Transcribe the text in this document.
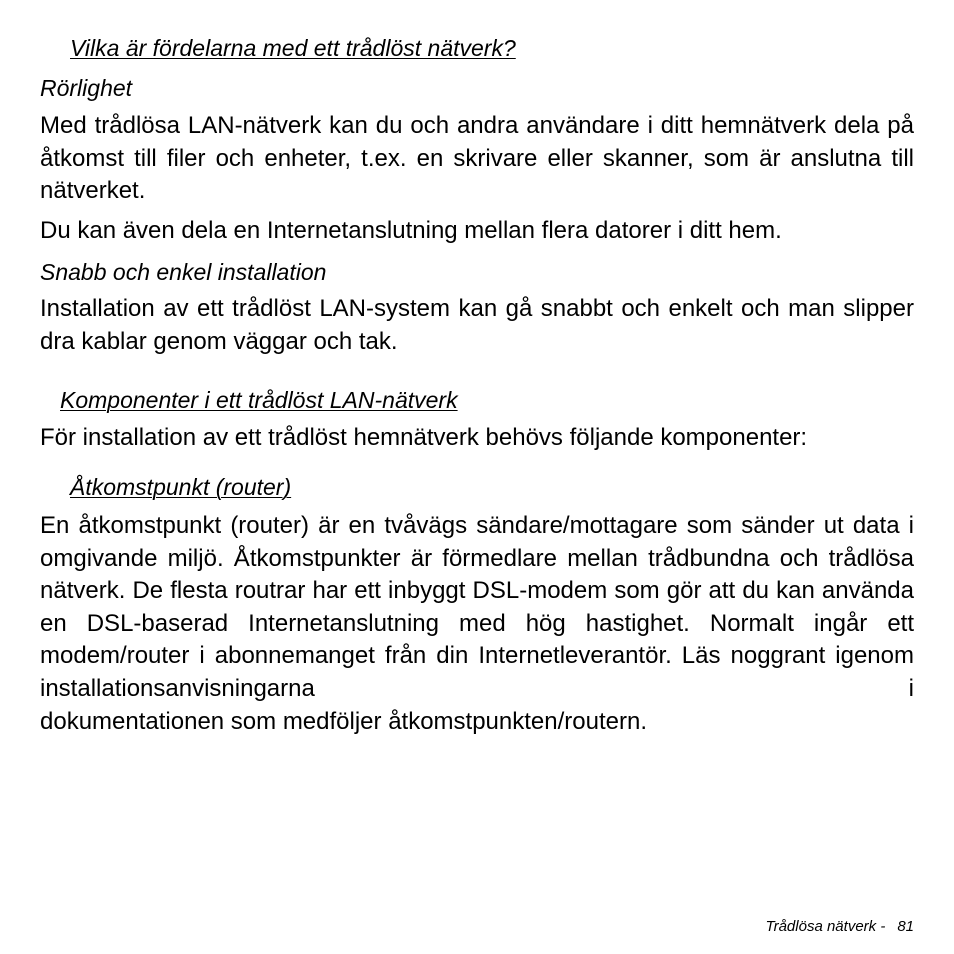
Vilka är fördelarna med ett trådlöst nätverk?

Rörlighet

Med trådlösa LAN-nätverk kan du och andra användare i ditt hemnätverk dela på åtkomst till filer och enheter, t.ex. en skrivare eller skanner, som är anslutna till nätverket.

Du kan även dela en Internetanslutning mellan flera datorer i ditt hem.

Snabb och enkel installation

Installation av ett trådlöst LAN-system kan gå snabbt och enkelt och man slipper dra kablar genom väggar och tak.

Komponenter i ett trådlöst LAN-nätverk

För installation av ett trådlöst hemnätverk behövs följande komponenter:

Åtkomstpunkt (router)

En åtkomstpunkt (router) är en tvåvägs sändare/mottagare som sänder ut data i omgivande miljö. Åtkomstpunkter är förmedlare mellan trådbundna och trådlösa nätverk. De flesta routrar har ett inbyggt DSL-modem som gör att du kan använda en DSL-baserad Internetanslutning med hög hastighet. Normalt ingår ett modem/router i abonnemanget från din Internetleverantör. Läs noggrant igenom installationsanvisningarna i

dokumentationen som medföljer åtkomstpunkten/routern.

Trådlösa nätverk - 81
